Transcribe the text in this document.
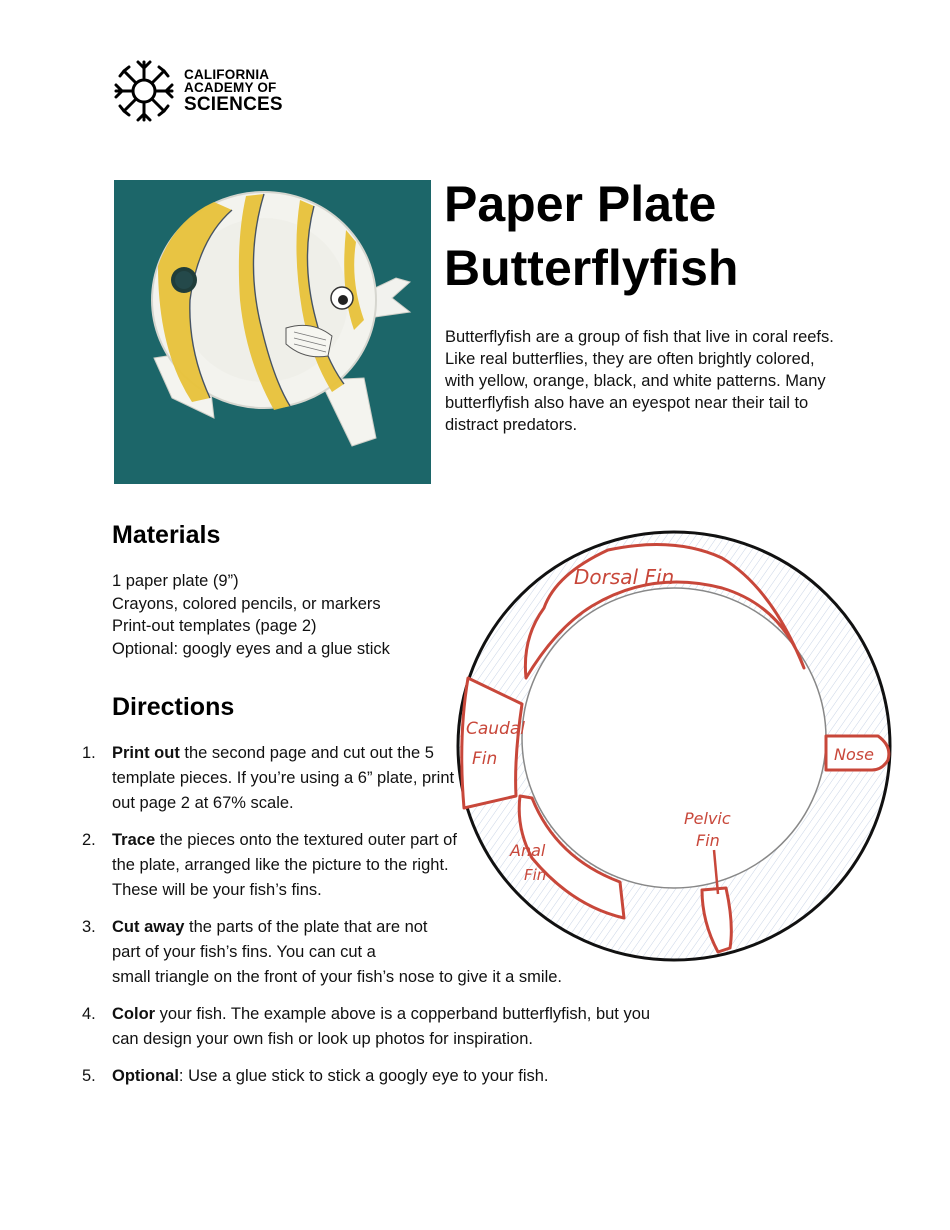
CALIFORNIA
ACADEMY OF
SCIENCES
Paper Plate
Butterflyfish

Butterflyfish are a group of fish that live in coral reefs. Like real butterflies, they are often brightly colored, with yellow, orange, black, and white patterns. Many butterflyfish also have an eyespot near their tail to distract predators.

Materials
1 paper plate (9”)
Crayons, colored pencils, or markers
Print-out templates (page 2)
Optional: googly eyes and a glue stick
Directions
1. Print out the second page and cut out the 5 template pieces. If you’re using a 6” plate, print out page 2 at 67% scale.
2. Trace the pieces onto the textured outer part of the plate, arranged like the picture to the right. These will be your fish’s fins.
3. Cut away the parts of the plate that are not part of your fish’s fins. You can cut a
small triangle on the front of your fish’s nose to give it a smile.
4. Color your fish. The example above is a copperband butterflyfish, but you can design your own fish or look up photos for inspiration.
5. Optional: Use a glue stick to stick a googly eye to your fish.
Dorsal Fin
Caudal
Fin	Nose
Pelvic
Fin
Anal
Fin
